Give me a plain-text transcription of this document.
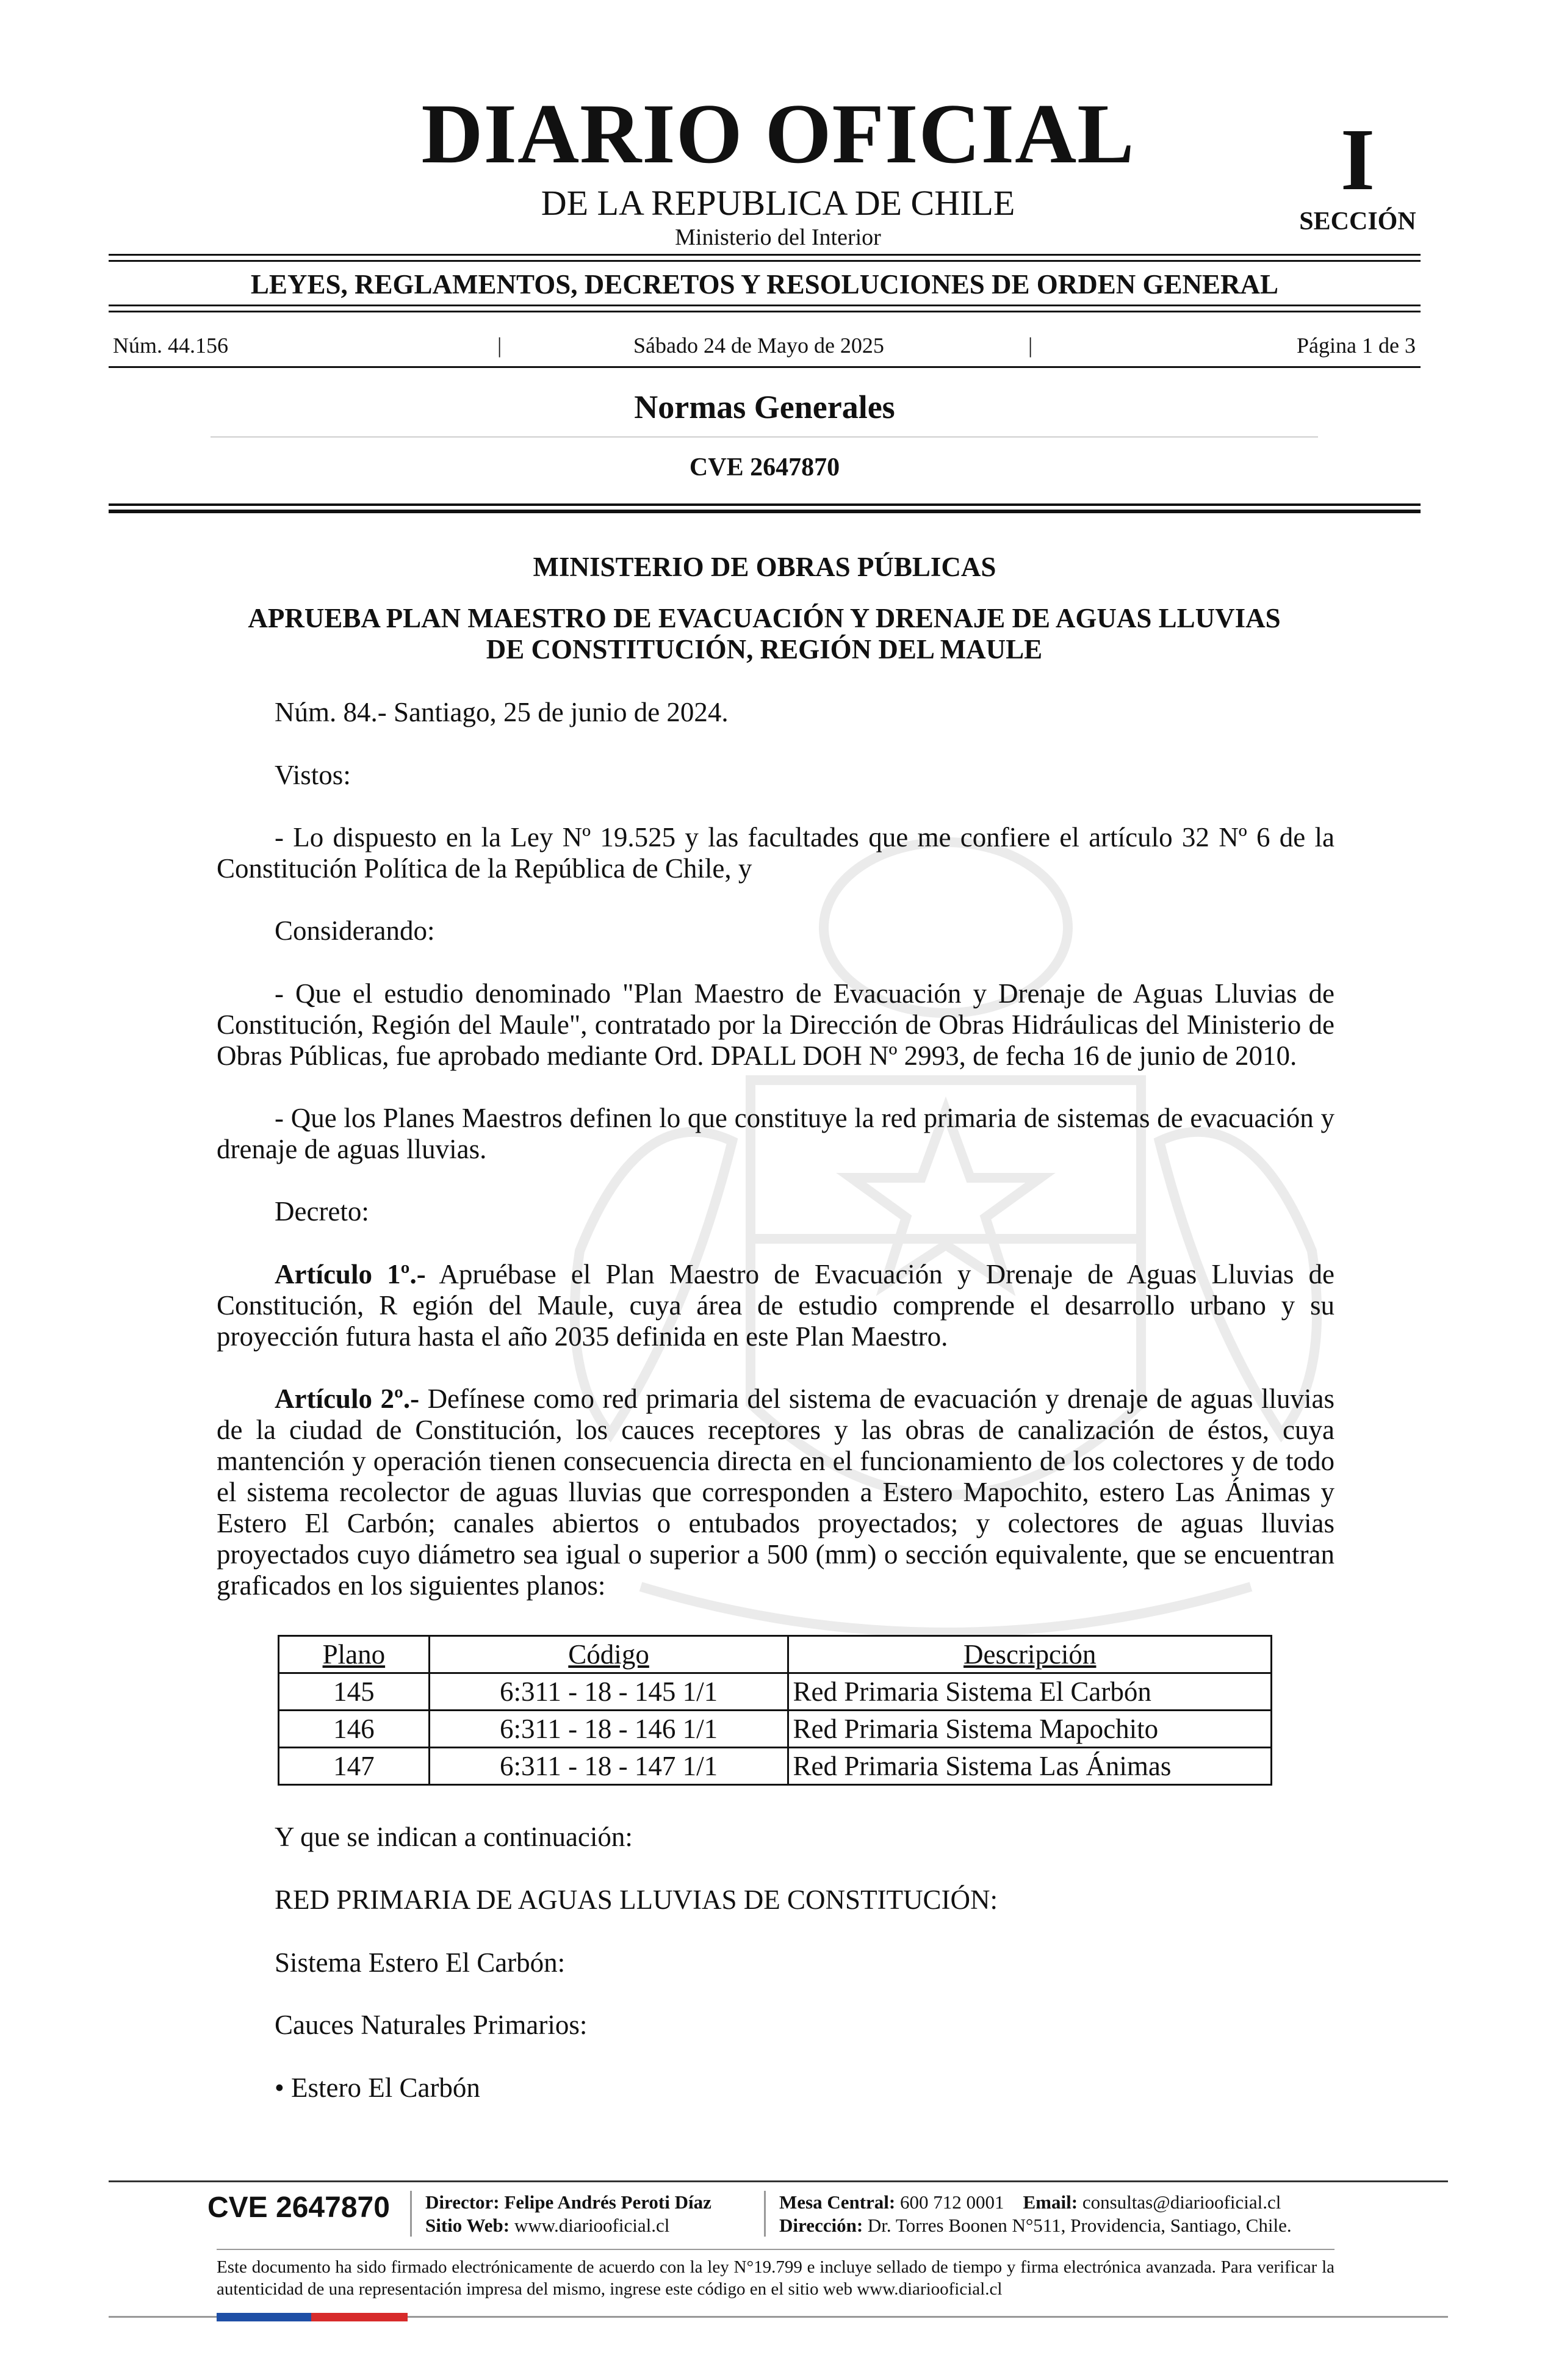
DIARIO OFICIAL
DE LA REPUBLICA DE CHILE
Ministerio del Interior
I
SECCIÓN
LEYES, REGLAMENTOS, DECRETOS Y RESOLUCIONES DE ORDEN GENERAL
Núm. 44.156	|	Sábado 24 de Mayo de 2025	|	Página 1 de 3
Normas Generales
CVE 2647870
MINISTERIO DE OBRAS PÚBLICAS
APRUEBA PLAN MAESTRO DE EVACUACIÓN Y DRENAJE DE AGUAS LLUVIAS
DE CONSTITUCIÓN, REGIÓN DEL MAULE
Núm. 84.- Santiago, 25 de junio de 2024.
Vistos:
- Lo dispuesto en la Ley Nº 19.525 y las facultades que me confiere el artículo 32 Nº 6 de la Constitución Política de la República de Chile, y
Considerando:
- Que el estudio denominado "Plan Maestro de Evacuación y Drenaje de Aguas Lluvias de Constitución, Región del Maule", contratado por la Dirección de Obras Hidráulicas del Ministerio de Obras Públicas, fue aprobado mediante Ord. DPALL DOH Nº 2993, de fecha 16 de junio de 2010.
- Que los Planes Maestros definen lo que constituye la red primaria de sistemas de evacuación y drenaje de aguas lluvias.
Decreto:
Artículo 1º.- Apruébase el Plan Maestro de Evacuación y Drenaje de Aguas Lluvias de Constitución, R egión del Maule, cuya área de estudio comprende el desarrollo urbano y su proyección futura hasta el año 2035 definida en este Plan Maestro.
Artículo 2º.- Defínese como red primaria del sistema de evacuación y drenaje de aguas lluvias de la ciudad de Constitución, los cauces receptores y las obras de canalización de éstos, cuya mantención y operación tienen consecuencia directa en el funcionamiento de los colectores y de todo el sistema recolector de aguas lluvias que corresponden a Estero Mapochito, estero Las Ánimas y Estero El Carbón; canales abiertos o entubados proyectados; y colectores de aguas lluvias proyectados cuyo diámetro sea igual o superior a 500 (mm) o sección equivalente, que se encuentran graficados en los siguientes planos:
Plano	Código	Descripción
145	6:311 - 18 - 145 1/1	Red Primaria Sistema El Carbón
146	6:311 - 18 - 146 1/1	Red Primaria Sistema Mapochito
147	6:311 - 18 - 147 1/1	Red Primaria Sistema Las Ánimas
Y que se indican a continuación:
RED PRIMARIA DE AGUAS LLUVIAS DE CONSTITUCIÓN:
Sistema Estero El Carbón:
Cauces Naturales Primarios:
• Estero El Carbón
CVE 2647870 Director: Felipe Andrés Peroti Díaz
Sitio Web: www.diariooficial.cl
Mesa Central: 600 712 0001 Email: consultas@diariooficial.cl
Dirección: Dr. Torres Boonen N°511, Providencia, Santiago, Chile.
Este documento ha sido firmado electrónicamente de acuerdo con la ley N°19.799 e incluye sellado de tiempo y firma electrónica avanzada. Para verificar la autenticidad de una representación impresa del mismo, ingrese este código en el sitio web www.diariooficial.cl
